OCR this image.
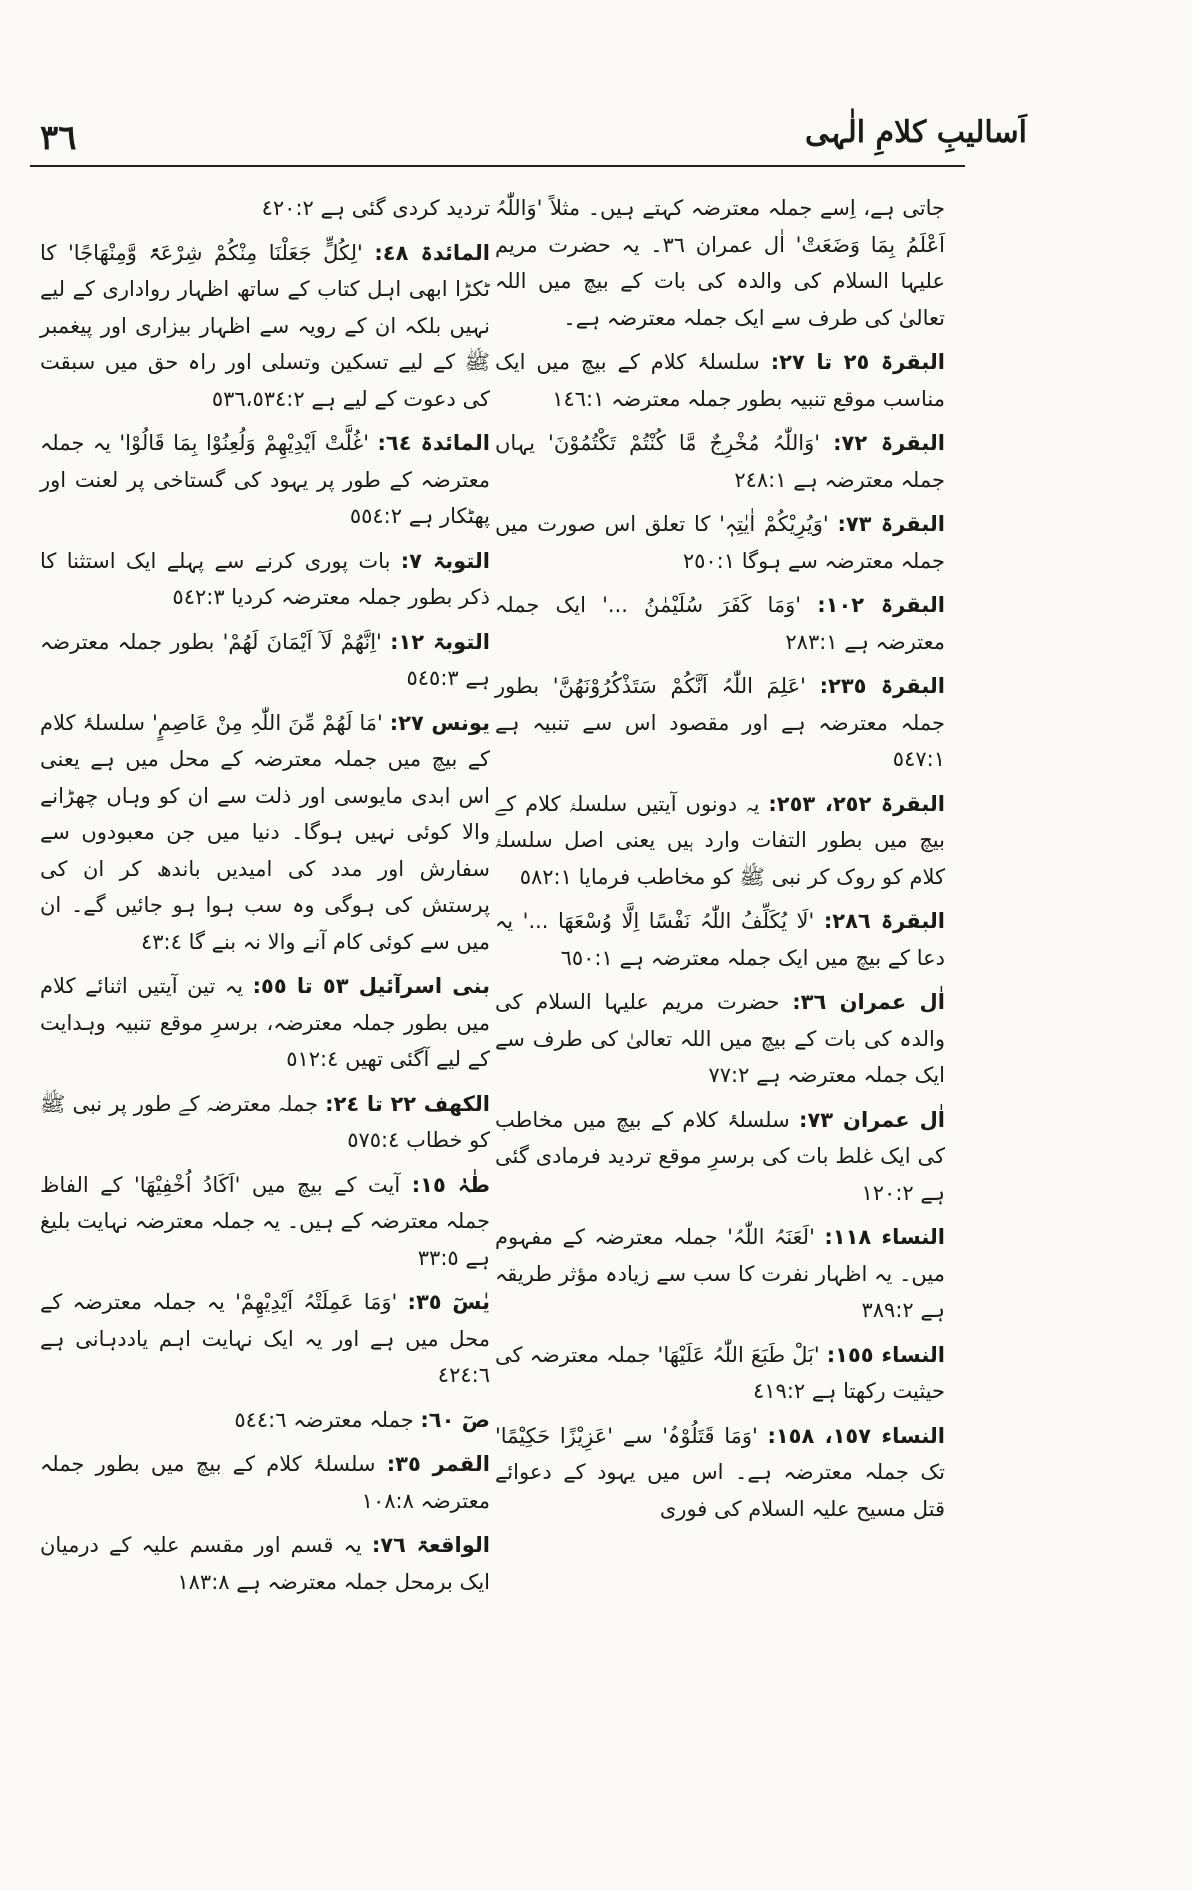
٣٦	اَسالیبِ کلامِ الٰہی

جاتی ہے، اِسے جملہ معترضہ کہتے ہیں۔ مثلاً 'وَاللّٰہُ اَعْلَمُ بِمَا وَضَعَتْ' اٰل عمران ٣٦۔ یہ حضرت مریم علیہا السلام کی والدہ کی بات کے بیچ میں اللہ تعالیٰ کی طرف سے ایک جملہ معترضہ ہے۔

البقرۃ ٢٥ تا ٢٧: سلسلۂ کلام کے بیچ میں ایک مناسب موقع تنبیہ بطور جملہ معترضہ ١٤٦:١

البقرۃ ٧٢: 'وَاللّٰہُ مُخْرِجٌ مَّا کُنْتُمْ تَکْتُمُوْنَ' یہاں جملہ معترضہ ہے ٢٤٨:١

البقرۃ ٧٣: 'وَیُرِیْکُمْ اٰیٰتِہٖ' کا تعلق اس صورت میں جملہ معترضہ سے ہوگا ٢٥٠:١

البقرۃ ١٠٢: 'وَمَا کَفَرَ سُلَیْمٰنُ ...' ایک جملہ معترضہ ہے ٢٨٣:١

البقرۃ ٢٣٥: 'عَلِمَ اللّٰہُ اَنَّکُمْ سَتَذْکُرُوْنَھُنَّ' بطور جملہ معترضہ ہے اور مقصود اس سے تنبیہ ہے ٥٤٧:١

البقرۃ ٢٥٢، ٢٥٣: یہ دونوں آیتیں سلسلۂ کلام کے بیچ میں بطور التفات وارد ہیں یعنی اصل سلسلۂ کلام کو روک کر نبی ﷺ کو مخاطب فرمایا ٥٨٢:١

البقرۃ ٢٨٦: 'لَا یُکَلِّفُ اللّٰہُ نَفْسًا اِلَّا وُسْعَھَا ...' یہ دعا کے بیچ میں ایک جملہ معترضہ ہے ٦٥٠:١

اٰل عمران ٣٦: حضرت مریم علیہا السلام کی والدہ کی بات کے بیچ میں اللہ تعالیٰ کی طرف سے ایک جملہ معترضہ ہے ٧٧:٢

اٰل عمران ٧٣: سلسلۂ کلام کے بیچ میں مخاطب کی ایک غلط بات کی برسرِ موقع تردید فرمادی گئی ہے ١٢٠:٢

النساء ١١٨: 'لَعَنَہُ اللّٰہُ' جملہ معترضہ کے مفہوم میں۔ یہ اظہار نفرت کا سب سے زیادہ مؤثر طریقہ ہے ٣٨٩:٢

النساء ١٥٥: 'بَلْ طَبَعَ اللّٰہُ عَلَیْھَا' جملہ معترضہ کی حیثیت رکھتا ہے ٤١٩:٢

النساء ١٥٧، ١٥٨: 'وَمَا قَتَلُوْہُ' سے 'عَزِیْزًا حَکِیْمًا' تک جملہ معترضہ ہے۔ اس میں یہود کے دعوائے قتل مسیح علیہ السلام کی فوری

تردید کردی گئی ہے ٤٢٠:٢

المائدۃ ٤٨: 'لِکُلٍّ جَعَلْنَا مِنْکُمْ شِرْعَۃً وَّمِنْھَاجًا' کا ٹکڑا ابھی اہل کتاب کے ساتھ اظہار رواداری کے لیے نہیں بلکہ ان کے رویہ سے اظہار بیزاری اور پیغمبر ﷺ کے لیے تسکین وتسلی اور راہ حق میں سبقت کی دعوت کے لیے ہے ٥٣٦،٥٣٤:٢

المائدۃ ٦٤: 'غُلَّتْ اَیْدِیْھِمْ وَلُعِنُوْا بِمَا قَالُوْا' یہ جملہ معترضہ کے طور پر یہود کی گستاخی پر لعنت اور پھٹکار ہے ٥٥٤:٢

التوبۃ ٧: بات پوری کرنے سے پہلے ایک استثنا کا ذکر بطور جملہ معترضہ کردیا ٥٤٢:٣

التوبۃ ١٢: 'اِنَّھُمْ لَآ اَیْمَانَ لَھُمْ' بطور جملہ معترضہ ہے ٥٤٥:٣

یونس ٢٧: 'مَا لَھُمْ مِّنَ اللّٰہِ مِنْ عَاصِمٍ' سلسلۂ کلام کے بیچ میں جملہ معترضہ کے محل میں ہے یعنی اس ابدی مایوسی اور ذلت سے ان کو وہاں چھڑانے والا کوئی نہیں ہوگا۔ دنیا میں جن معبودوں سے سفارش اور مدد کی امیدیں باندھ کر ان کی پرستش کی ہوگی وہ سب ہوا ہو جائیں گے۔ ان میں سے کوئی کام آنے والا نہ بنے گا ٤٣:٤

بنی اسرآئیل ٥٣ تا ٥٥: یہ تین آیتیں اثنائے کلام میں بطور جملہ معترضہ، برسرِ موقع تنبیہ وہدایت کے لیے آگئی تھیں ٥١٢:٤

الکھف ٢٢ تا ٢٤: جملہ معترضہ کے طور پر نبی ﷺ کو خطاب ٥٧٥:٤

طٰہٰ ١٥: آیت کے بیچ میں 'اَکَادُ اُخْفِیْھَا' کے الفاظ جملہ معترضہ کے ہیں۔ یہ جملہ معترضہ نہایت بلیغ ہے ٣٣:٥

یٰسٓ ٣٥: 'وَمَا عَمِلَتْہُ اَیْدِیْھِمْ' یہ جملہ معترضہ کے محل میں ہے اور یہ ایک نہایت اہم یاددہانی ہے ٤٢٤:٦

صٓ ٦٠: جملہ معترضہ ٥٤٤:٦

القمر ٣٥: سلسلۂ کلام کے بیچ میں بطور جملہ معترضہ ١٠٨:٨

الواقعۃ ٧٦: یہ قسم اور مقسم علیہ کے درمیان ایک برمحل جملہ معترضہ ہے ١٨٣:٨
